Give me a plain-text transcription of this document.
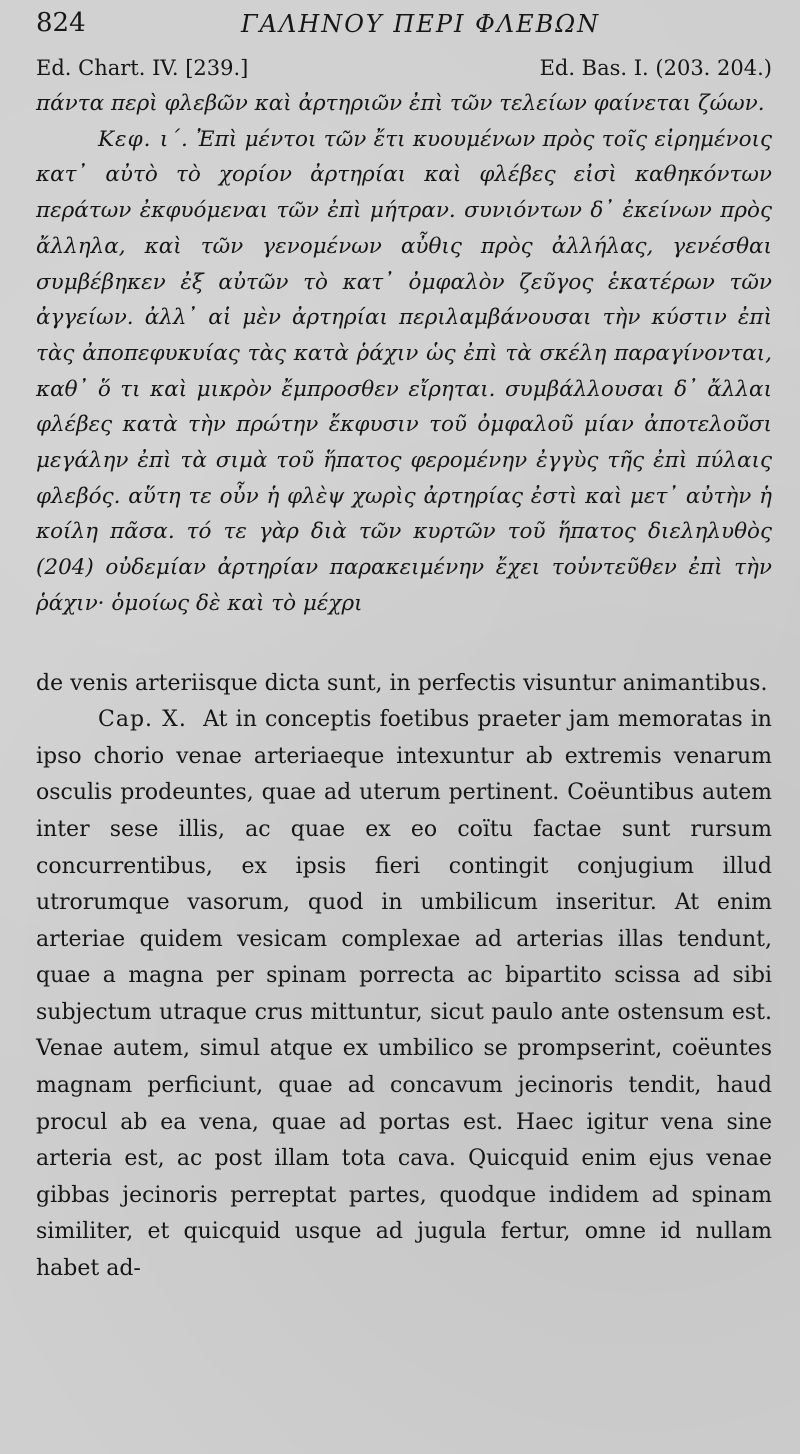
824	ΓΑΛΗΝΟΥ ΠΕΡΙ ΦΛΕΒΩΝ
Ed. Chart. IV. [239.]	Ed. Bas. I. (203. 204.)

πάντα περὶ φλεβῶν καὶ ἀρτηριῶν ἐπὶ τῶν τελείων φαίνεται ζώων.

Κεφ. ι΄. Ἐπὶ μέντοι τῶν ἔτι κυουμένων πρὸς τοῖς εἰρημένοις κατ᾽ αὐτὸ τὸ χορίον ἀρτηρίαι καὶ φλέβες εἰσὶ καθηκόντων περάτων ἐκφυόμεναι τῶν ἐπὶ μήτραν. συνιόντων δ᾽ ἐκείνων πρὸς ἄλληλα, καὶ τῶν γενομένων αὖθις πρὸς ἀλλήλας, γενέσθαι συμβέβηκεν ἐξ αὐτῶν τὸ κατ᾽ ὀμφαλὸν ζεῦγος ἑκατέρων τῶν ἀγγείων. ἀλλ᾽ αἱ μὲν ἀρτηρίαι περιλαμβάνουσαι τὴν κύστιν ἐπὶ τὰς ἀποπεφυκυίας τὰς κατὰ ῥάχιν ὡς ἐπὶ τὰ σκέλη παραγίνονται, καθ᾽ ὅ τι καὶ μικρὸν ἔμπροσθεν εἴρηται. συμβάλλουσαι δ᾽ ἄλλαι φλέβες κατὰ τὴν πρώτην ἔκφυσιν τοῦ ὀμφαλοῦ μίαν ἀποτελοῦσι μεγάλην ἐπὶ τὰ σιμὰ τοῦ ἥπατος φερομένην ἐγγὺς τῆς ἐπὶ πύλαις φλεβός. αὕτη τε οὖν ἡ φλὲψ χωρὶς ἀρτηρίας ἐστὶ καὶ μετ᾽ αὐτὴν ἡ κοίλη πᾶσα. τό τε γὰρ διὰ τῶν κυρτῶν τοῦ ἥπατος διεληλυθὸς (204) οὐδεμίαν ἀρτηρίαν παρακειμένην ἔχει τοὐντεῦθεν ἐπὶ τὴν ῥάχιν· ὁμοίως δὲ καὶ τὸ μέχρι

de venis arteriisque dicta sunt, in perfectis visuntur animantibus.

Cap. X. At in conceptis foetibus praeter jam memoratas in ipso chorio venae arteriaeque intexuntur ab extremis venarum osculis prodeuntes, quae ad uterum pertinent. Coëuntibus autem inter sese illis, ac quae ex eo coïtu factae sunt rursum concurrentibus, ex ipsis fieri contingit conjugium illud utrorumque vasorum, quod in umbilicum inseritur. At enim arteriae quidem vesicam complexae ad arterias illas tendunt, quae a magna per spinam porrecta ac bipartito scissa ad sibi subjectum utraque crus mittuntur, sicut paulo ante ostensum est. Venae autem, simul atque ex umbilico se prompserint, coëuntes magnam perficiunt, quae ad concavum jecinoris tendit, haud procul ab ea vena, quae ad portas est. Haec igitur vena sine arteria est, ac post illam tota cava. Quicquid enim ejus venae gibbas jecinoris perreptat partes, quodque indidem ad spinam similiter, et quicquid usque ad jugula fertur, omne id nullam habet ad-
